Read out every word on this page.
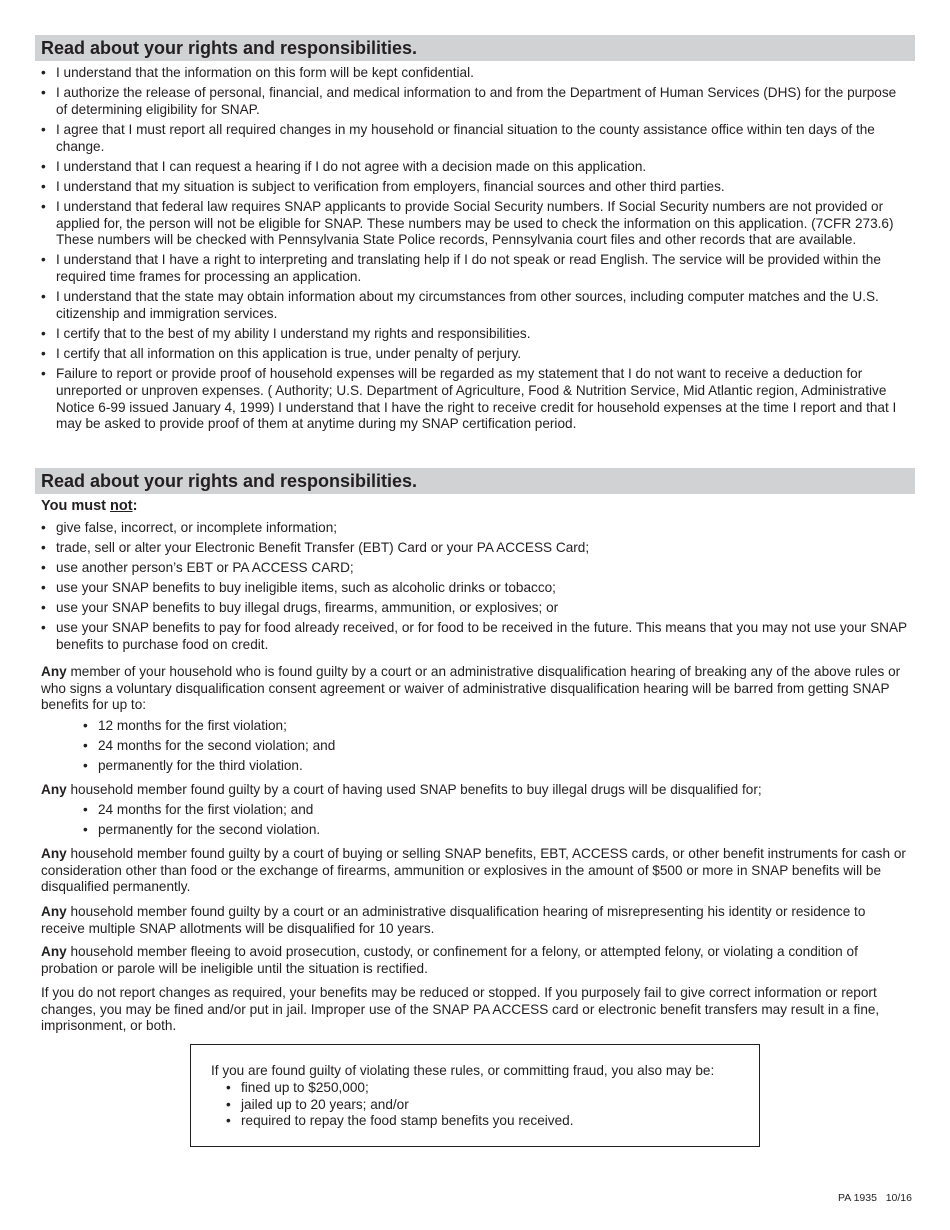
Read about your rights and responsibilities.
• I understand that the information on this form will be kept confidential.
• I authorize the release of personal, financial, and medical information to and from the Department of Human Services (DHS) for the purpose of determining eligibility for SNAP.
• I agree that I must report all required changes in my household or financial situation to the county assistance office within ten days of the change.
• I understand that I can request a hearing if I do not agree with a decision made on this application.
• I understand that my situation is subject to verification from employers, financial sources and other third parties.
• I understand that federal law requires SNAP applicants to provide Social Security numbers. If Social Security numbers are not provided or applied for, the person will not be eligible for SNAP. These numbers may be used to check the information on this application. (7CFR 273.6) These numbers will be checked with Pennsylvania State Police records, Pennsylvania court files and other records that are available.
• I understand that I have a right to interpreting and translating help if I do not speak or read English. The service will be provided within the required time frames for processing an application.
• I understand that the state may obtain information about my circumstances from other sources, including computer matches and the U.S. citizenship and immigration services.
• I certify that to the best of my ability I understand my rights and responsibilities.
• I certify that all information on this application is true, under penalty of perjury.
• Failure to report or provide proof of household expenses will be regarded as my statement that I do not want to receive a deduction for unreported or unproven expenses. ( Authority; U.S. Department of Agriculture, Food & Nutrition Service, Mid Atlantic region, Administrative Notice 6-99 issued January 4, 1999) I understand that I have the right to receive credit for household expenses at the time I report and that I may be asked to provide proof of them at anytime during my SNAP certification period.
Read about your rights and responsibilities.
You must not:
• give false, incorrect, or incomplete information;
• trade, sell or alter your Electronic Benefit Transfer (EBT) Card or your PA ACCESS Card;
• use another person’s EBT or PA ACCESS CARD;
• use your SNAP benefits to buy ineligible items, such as alcoholic drinks or tobacco;
• use your SNAP benefits to buy illegal drugs, firearms, ammunition, or explosives; or
• use your SNAP benefits to pay for food already received, or for food to be received in the future. This means that you may not use your SNAP benefits to purchase food on credit.

Any member of your household who is found guilty by a court or an administrative disqualification hearing of breaking any of the above rules or who signs a voluntary disqualification consent agreement or waiver of administrative disqualification hearing will be barred from getting SNAP benefits for up to:

• 12 months for the first violation;
• 24 months for the second violation; and
• permanently for the third violation.

Any household member found guilty by a court of having used SNAP benefits to buy illegal drugs will be disqualified for;

• 24 months for the first violation; and
• permanently for the second violation.

Any household member found guilty by a court of buying or selling SNAP benefits, EBT, ACCESS cards, or other benefit instruments for cash or consideration other than food or the exchange of firearms, ammunition or explosives in the amount of $500 or more in SNAP benefits will be disqualified permanently.

Any household member found guilty by a court or an administrative disqualification hearing of misrepresenting his identity or residence to receive multiple SNAP allotments will be disqualified for 10 years.

Any household member fleeing to avoid prosecution, custody, or confinement for a felony, or attempted felony, or violating a condition of probation or parole will be ineligible until the situation is rectified.

If you do not report changes as required, your benefits may be reduced or stopped. If you purposely fail to give correct information or report changes, you may be fined and/or put in jail. Improper use of the SNAP PA ACCESS card or electronic benefit transfers may result in a fine, imprisonment, or both.

If you are found guilty of violating these rules, or committing fraud, you also may be:

• fined up to $250,000;
• jailed up to 20 years; and/or
• required to repay the food stamp benefits you received.
PA 1935 10/16
